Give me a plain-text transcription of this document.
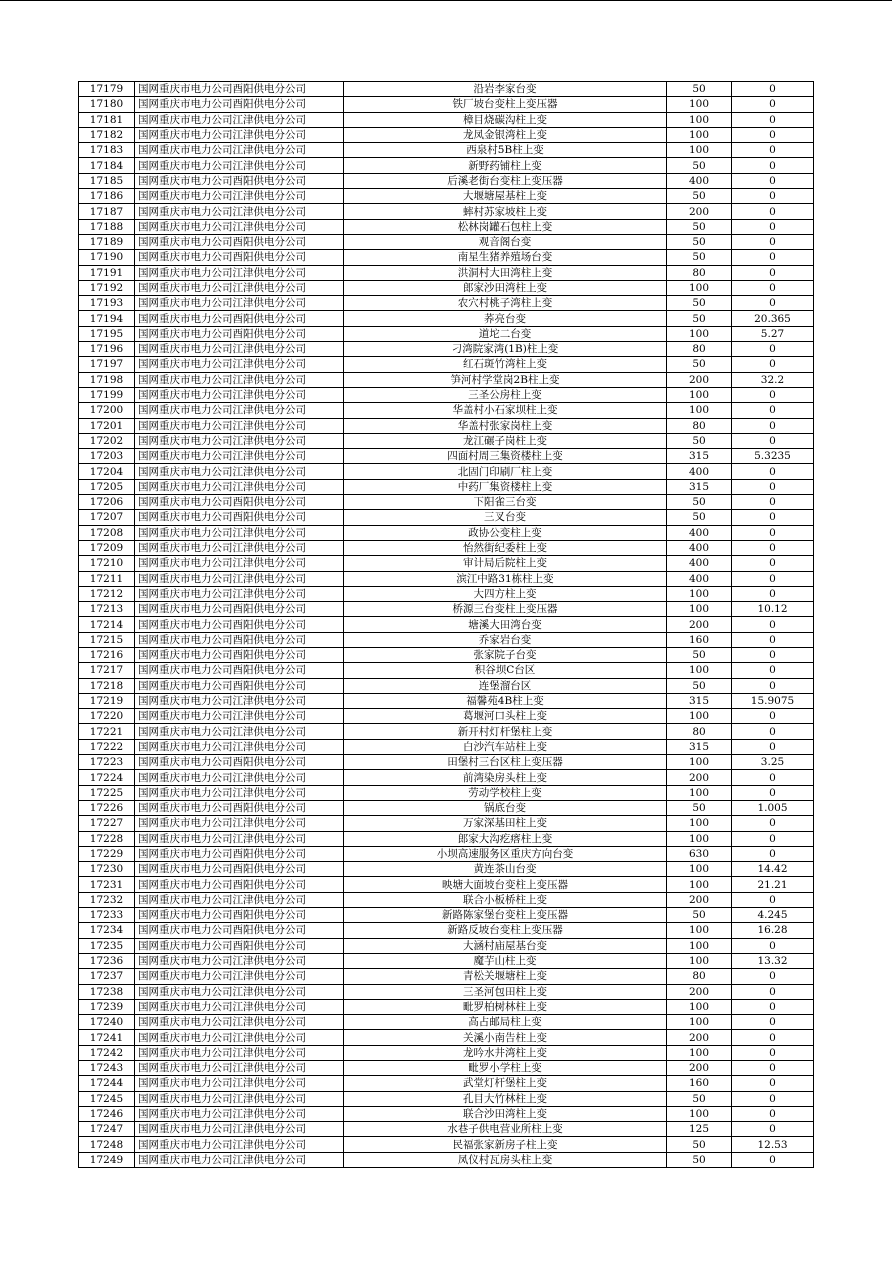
17179	国网重庆市电力公司酉阳供电分公司	沿岩李家台变	50	0
17180	国网重庆市电力公司酉阳供电分公司	铁厂坡台变柱上变压器	100	0
17181	国网重庆市电力公司江津供电分公司	樟目烧碳沟柱上变	100	0
17182	国网重庆市电力公司江津供电分公司	龙凤金银湾柱上变	100	0
17183	国网重庆市电力公司江津供电分公司	西泉村5B柱上变	100	0
17184	国网重庆市电力公司江津供电分公司	新野药铺柱上变	50	0
17185	国网重庆市电力公司酉阳供电分公司	后溪老街台变柱上变压器	400	0
17186	国网重庆市电力公司江津供电分公司	大堰塘屋基柱上变	50	0
17187	国网重庆市电力公司江津供电分公司	蟀村苏家坡柱上变	200	0
17188	国网重庆市电力公司江津供电分公司	松林岗罐石包柱上变	50	0
17189	国网重庆市电力公司酉阳供电分公司	观音阁台变	50	0
17190	国网重庆市电力公司酉阳供电分公司	南星生猪养殖场台变	50	0
17191	国网重庆市电力公司江津供电分公司	洪洞村大田湾柱上变	80	0
17192	国网重庆市电力公司江津供电分公司	郎家沙田湾柱上变	100	0
17193	国网重庆市电力公司江津供电分公司	农穴村桃子湾柱上变	50	0
17194	国网重庆市电力公司酉阳供电分公司	荞亮台变	50	20.365
17195	国网重庆市电力公司酉阳供电分公司	道坨二台变	100	5.27
17196	国网重庆市电力公司江津供电分公司	刁湾院家湾(1B)柱上变	80	0
17197	国网重庆市电力公司江津供电分公司	红石斑竹湾柱上变	50	0
17198	国网重庆市电力公司江津供电分公司	笋河村学堂岗2B柱上变	200	32.2
17199	国网重庆市电力公司江津供电分公司	三圣公房柱上变	100	0
17200	国网重庆市电力公司江津供电分公司	华盖村小石家坝柱上变	100	0
17201	国网重庆市电力公司江津供电分公司	华盖村张家岗柱上变	80	0
17202	国网重庆市电力公司江津供电分公司	龙江碾子岗柱上变	50	0
17203	国网重庆市电力公司江津供电分公司	四面村周三集资楼柱上变	315	5.3235
17204	国网重庆市电力公司江津供电分公司	北固门印刷厂柱上变	400	0
17205	国网重庆市电力公司江津供电分公司	中药厂集资楼柱上变	315	0
17206	国网重庆市电力公司酉阳供电分公司	下阳雀三台变	50	0
17207	国网重庆市电力公司酉阳供电分公司	三叉台变	50	0
17208	国网重庆市电力公司江津供电分公司	政协公变柱上变	400	0
17209	国网重庆市电力公司江津供电分公司	怡然街纪委柱上变	400	0
17210	国网重庆市电力公司江津供电分公司	审计局后院柱上变	400	0
17211	国网重庆市电力公司江津供电分公司	滨江中路31栋柱上变	400	0
17212	国网重庆市电力公司江津供电分公司	大四方柱上变	100	0
17213	国网重庆市电力公司酉阳供电分公司	桥源三台变柱上变压器	100	10.12
17214	国网重庆市电力公司酉阳供电分公司	塘溪大田湾台变	200	0
17215	国网重庆市电力公司酉阳供电分公司	乔家岩台变	160	0
17216	国网重庆市电力公司酉阳供电分公司	张家院子台变	50	0
17217	国网重庆市电力公司酉阳供电分公司	积谷坝C台区	100	0
17218	国网重庆市电力公司酉阳供电分公司	连堡溜台区	50	0
17219	国网重庆市电力公司江津供电分公司	福馨苑4B柱上变	315	15.9075
17220	国网重庆市电力公司江津供电分公司	葛堰河口头柱上变	100	0
17221	国网重庆市电力公司江津供电分公司	新开村灯杆堡柱上变	80	0
17222	国网重庆市电力公司江津供电分公司	白沙汽车站柱上变	315	0
17223	国网重庆市电力公司酉阳供电分公司	田堡村三台区柱上变压器	100	3.25
17224	国网重庆市电力公司江津供电分公司	前湾染房头柱上变	200	0
17225	国网重庆市电力公司江津供电分公司	劳动学校柱上变	100	0
17226	国网重庆市电力公司酉阳供电分公司	锅底台变	50	1.005
17227	国网重庆市电力公司江津供电分公司	万家深基田柱上变	100	0
17228	国网重庆市电力公司江津供电分公司	郎家大沟疙瘩柱上变	100	0
17229	国网重庆市电力公司酉阳供电分公司	小坝高速服务区重庆方向台变	630	0
17230	国网重庆市电力公司酉阳供电分公司	黄连茶山台变	100	14.42
17231	国网重庆市电力公司酉阳供电分公司	映塘大面坡台变柱上变压器	100	21.21
17232	国网重庆市电力公司江津供电分公司	联合小板桥柱上变	200	0
17233	国网重庆市电力公司酉阳供电分公司	新路陈家堡台变柱上变压器	50	4.245
17234	国网重庆市电力公司酉阳供电分公司	新路反坡台变柱上变压器	100	16.28
17235	国网重庆市电力公司酉阳供电分公司	大涵村庙屋基台变	100	0
17236	国网重庆市电力公司江津供电分公司	魔芋山柱上变	100	13.32
17237	国网重庆市电力公司江津供电分公司	青松关堰塘柱上变	80	0
17238	国网重庆市电力公司江津供电分公司	三圣河包田柱上变	200	0
17239	国网重庆市电力公司江津供电分公司	毗罗柏树林柱上变	100	0
17240	国网重庆市电力公司江津供电分公司	高占邮局柱上变	100	0
17241	国网重庆市电力公司江津供电分公司	关溪小南告柱上变	200	0
17242	国网重庆市电力公司江津供电分公司	龙吟水井湾柱上变	100	0
17243	国网重庆市电力公司江津供电分公司	毗罗小学柱上变	200	0
17244	国网重庆市电力公司江津供电分公司	武堂灯杆堡柱上变	160	0
17245	国网重庆市电力公司江津供电分公司	孔目大竹林柱上变	50	0
17246	国网重庆市电力公司江津供电分公司	联合沙田湾柱上变	100	0
17247	国网重庆市电力公司江津供电分公司	水巷子供电营业所柱上变	125	0
17248	国网重庆市电力公司江津供电分公司	民福张家新房子柱上变	50	12.53
17249	国网重庆市电力公司江津供电分公司	凤仪村瓦房头柱上变	50	0
